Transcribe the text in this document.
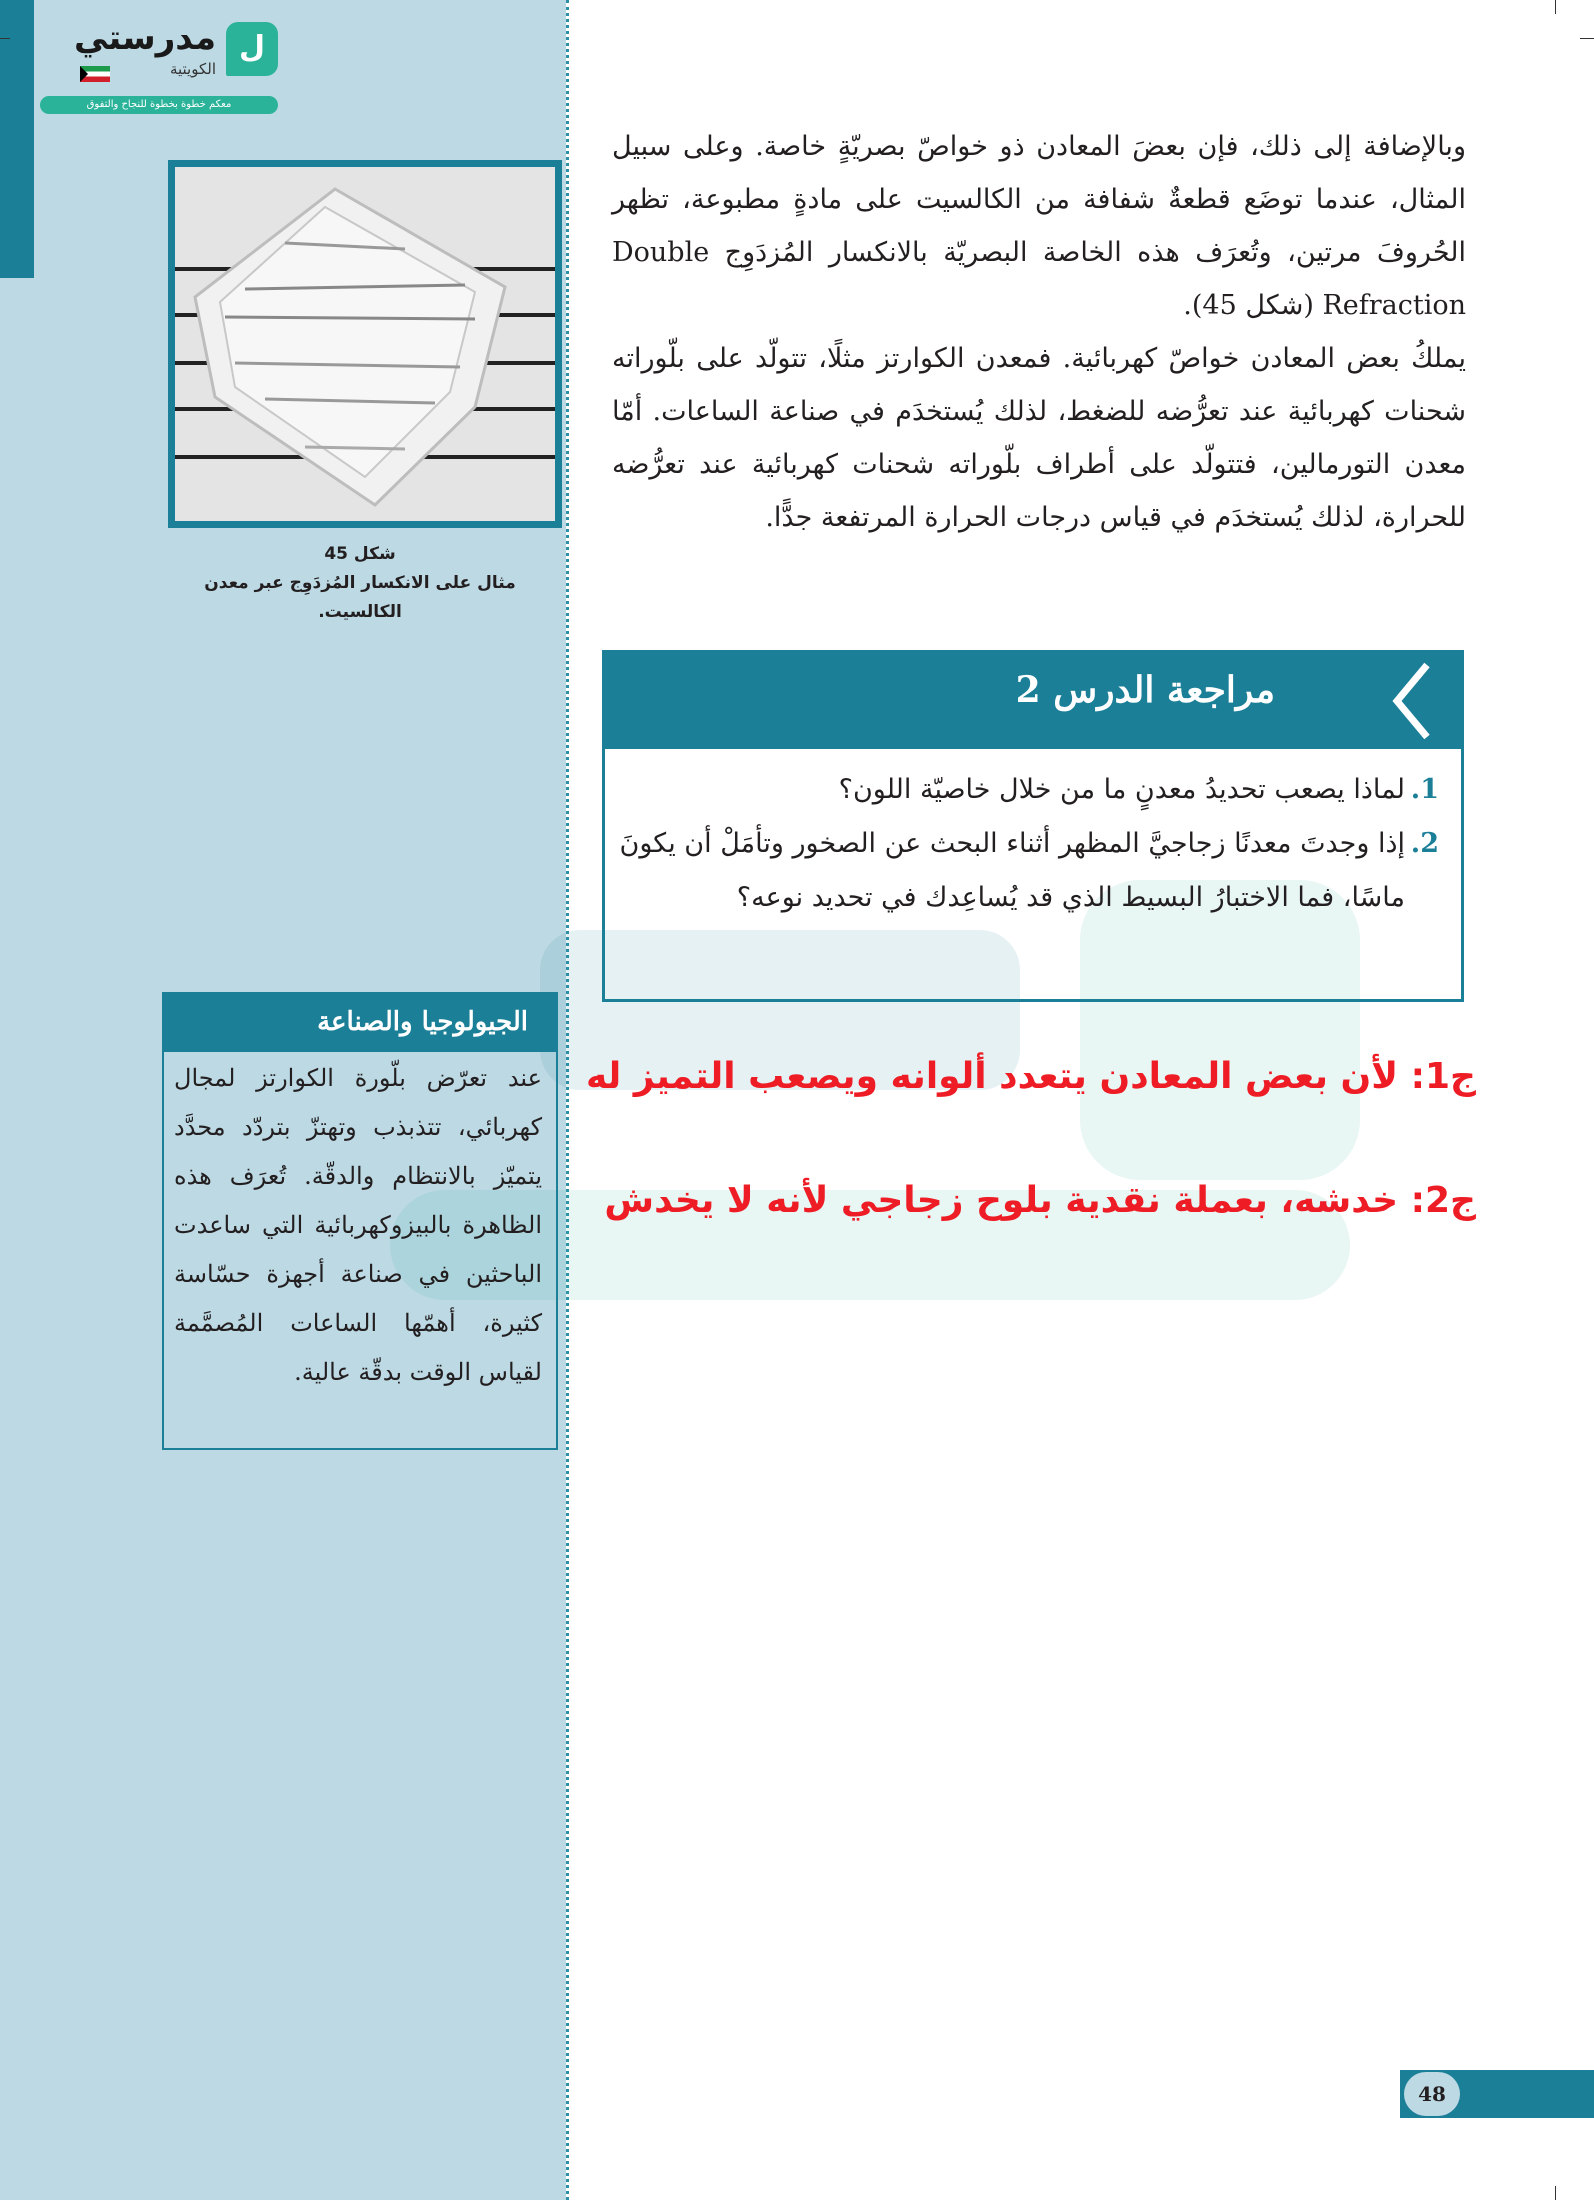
ل
مدرستي
الكويتية
معكم خطوة بخطوة للنجاح والتفوق
شكل 45
مثال على الانكسار المُزدَوِج عبر معدن
الكالسيت.
الجيولوجيا والصناعة
عند تعرّض بلّورة الكوارتز لمجال كهربائي، تتذبذب وتهتزّ بتردّد محدَّد يتميّز بالانتظام والدقّة. تُعرَف هذه الظاهرة بالبيزوكهربائية التي ساعدت الباحثين في صناعة أجهزة حسّاسة كثيرة، أهمّها الساعات المُصمَّمة لقياس الوقت بدقّة عالية.

وبالإضافة إلى ذلك، فإن بعضَ المعادن ذو خواصّ بصريّةٍ خاصة. وعلى سبيل المثال، عندما توضَع قطعةٌ شفافة من الكالسيت على مادةٍ مطبوعة، تظهر الحُروفَ مرتين، وتُعرَف هذه الخاصة البصريّة بالانكسار المُزدَوِج Double Refraction (شكل 45).

يملكُ بعض المعادن خواصّ كهربائية. فمعدن الكوارتز مثلًا، تتولّد على بلّوراته شحنات كهربائية عند تعرُّضه للضغط، لذلك يُستخدَم في صناعة الساعات. أمّا معدن التورمالين، فتتولّد على أطراف بلّوراته شحنات كهربائية عند تعرُّضه للحرارة، لذلك يُستخدَم في قياس درجات الحرارة المرتفعة جدًّا.

مراجعة الدرس 2
1.
لماذا يصعب تحديدُ معدنٍ ما من خلال خاصيّة اللون؟
2.
إذا وجدتَ معدنًا زجاجيَّ المظهر أثناء البحث عن الصخور وتأمَلْ أن يكونَ ماسًا، فما الاختبارُ البسيط الذي قد يُساعِدك في تحديد نوعه؟
ج1: لأن بعض المعادن يتعدد ألوانه ويصعب التميز له
ج2: خدشه، بعملة نقدية بلوح زجاجي لأنه لا يخدش
48
